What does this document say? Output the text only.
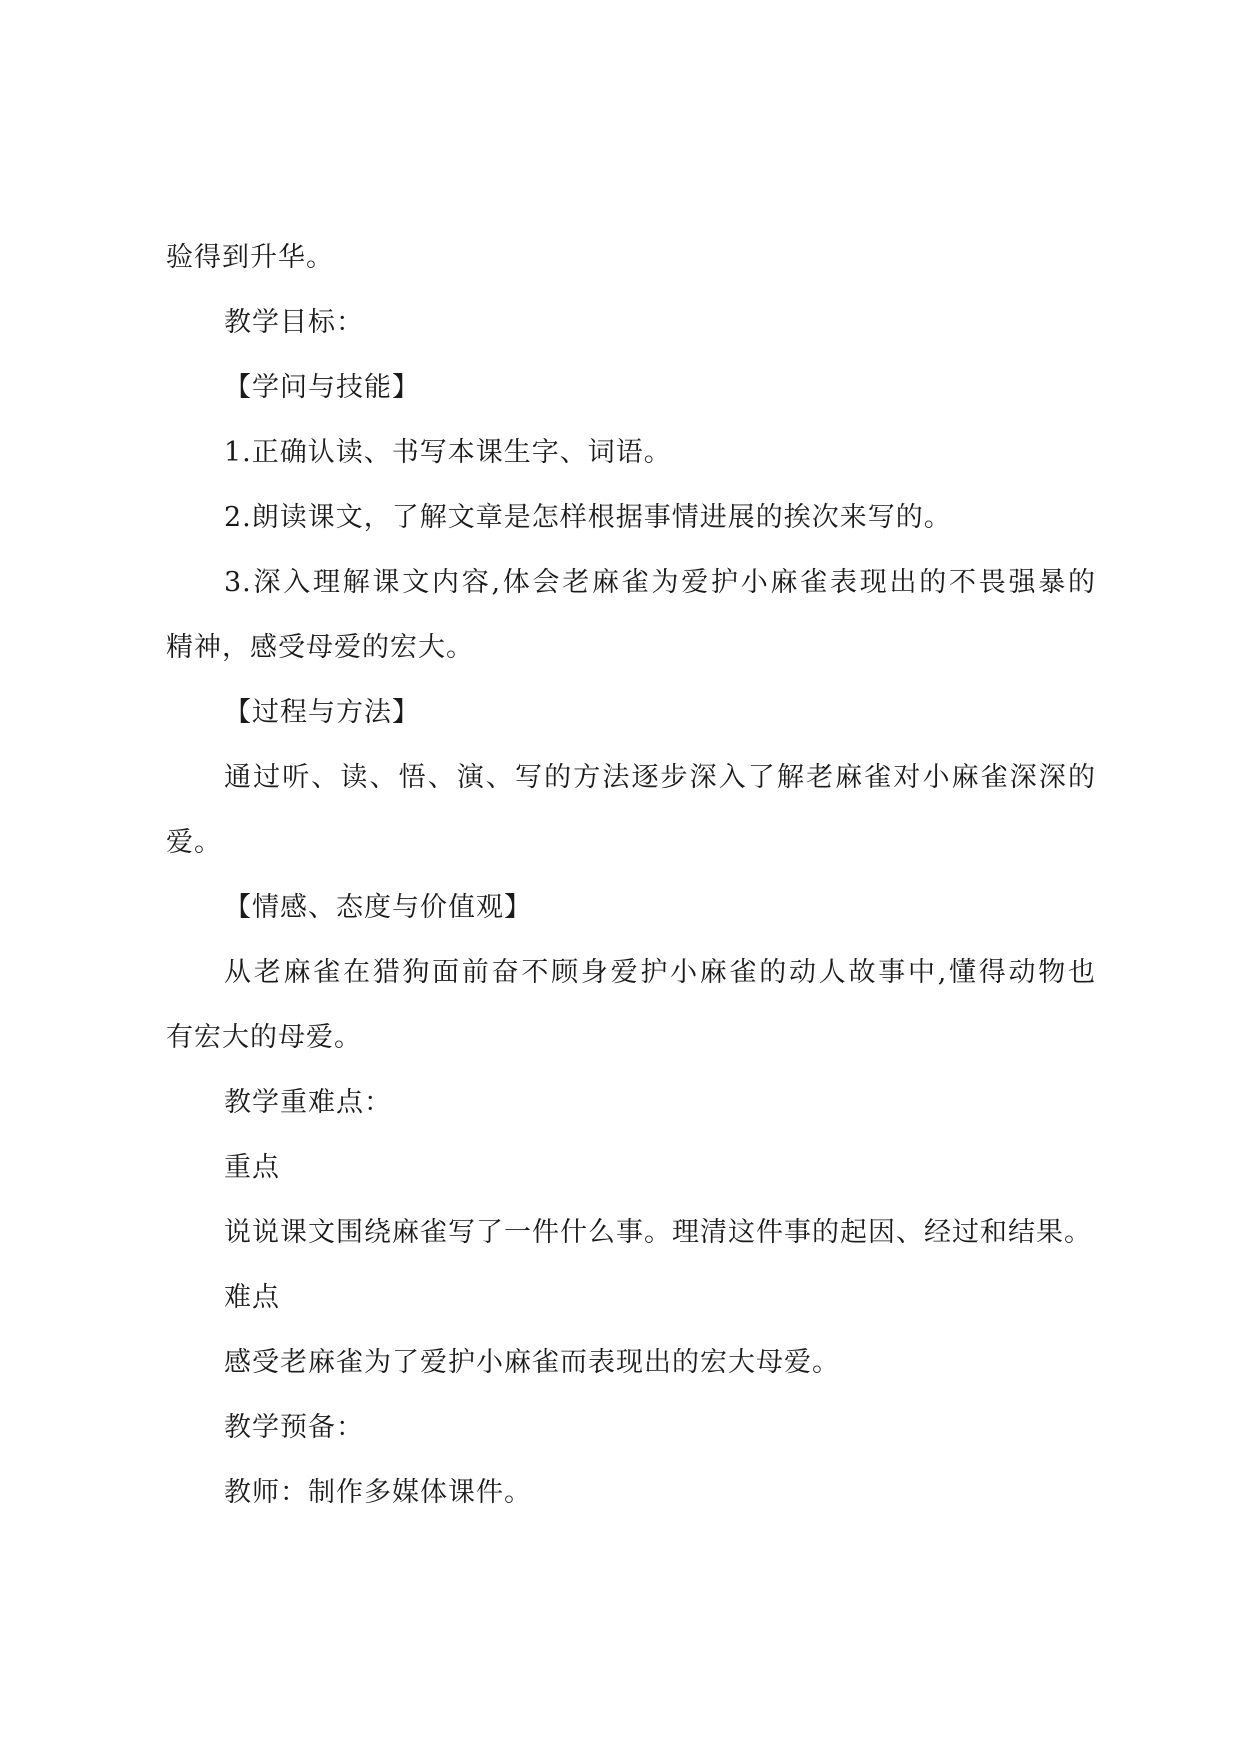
验得到升华。

教学目标：

【学问与技能】

1.正确认读、书写本课生字、词语。

2.朗读课文，了解文章是怎样根据事情进展的挨次来写的。

3.深入理解课文内容,体会老麻雀为爱护小麻雀表现出的不畏强暴的

精神，感受母爱的宏大。

【过程与方法】

通过听、读、悟、演、写的方法逐步深入了解老麻雀对小麻雀深深的

爱。

【情感、态度与价值观】

从老麻雀在猎狗面前奋不顾身爱护小麻雀的动人故事中,懂得动物也

有宏大的母爱。

教学重难点：

重点

说说课文围绕麻雀写了一件什么事。理清这件事的起因、经过和结果。

难点

感受老麻雀为了爱护小麻雀而表现出的宏大母爱。

教学预备：

教师：制作多媒体课件。
